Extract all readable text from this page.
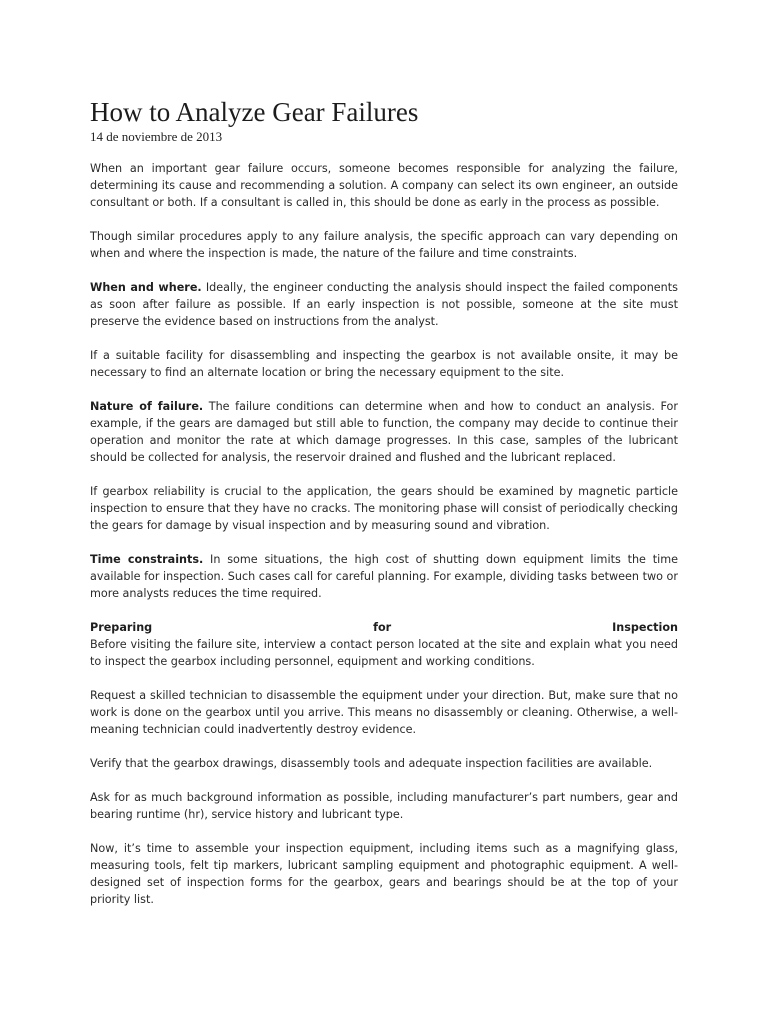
How to Analyze Gear Failures
14 de noviembre de 2013

When an important gear failure occurs, someone becomes responsible for analyzing the failure, determining its cause and recommending a solution. A company can select its own engineer, an outside consultant or both. If a consultant is called in, this should be done as early in the process as possible.

Though similar procedures apply to any failure analysis, the specific approach can vary depending on when and where the inspection is made, the nature of the failure and time constraints.

When and where. Ideally, the engineer conducting the analysis should inspect the failed components as soon after failure as possible. If an early inspection is not possible, someone at the site must preserve the evidence based on instructions from the analyst.

If a suitable facility for disassembling and inspecting the gearbox is not available onsite, it may be necessary to find an alternate location or bring the necessary equipment to the site.

Nature of failure. The failure conditions can determine when and how to conduct an analysis. For example, if the gears are damaged but still able to function, the company may decide to continue their operation and monitor the rate at which damage progresses. In this case, samples of the lubricant should be collected for analysis, the reservoir drained and flushed and the lubricant replaced.

If gearbox reliability is crucial to the application, the gears should be examined by magnetic particle inspection to ensure that they have no cracks. The monitoring phase will consist of periodically checking the gears for damage by visual inspection and by measuring sound and vibration.

Time constraints. In some situations, the high cost of shutting down equipment limits the time available for inspection. Such cases call for careful planning. For example, dividing tasks between two or more analysts reduces the time required.

Preparing	for	Inspection

Before visiting the failure site, interview a contact person located at the site and explain what you need to inspect the gearbox including personnel, equipment and working conditions.

Request a skilled technician to disassemble the equipment under your direction. But, make sure that no work is done on the gearbox until you arrive. This means no disassembly or cleaning. Otherwise, a well-meaning technician could inadvertently destroy evidence.

Verify that the gearbox drawings, disassembly tools and adequate inspection facilities are available.

Ask for as much background information as possible, including manufacturer’s part numbers, gear and bearing runtime (hr), service history and lubricant type.

Now, it’s time to assemble your inspection equipment, including items such as a magnifying glass, measuring tools, felt tip markers, lubricant sampling equipment and photographic equipment. A well-designed set of inspection forms for the gearbox, gears and bearings should be at the top of your priority list.
